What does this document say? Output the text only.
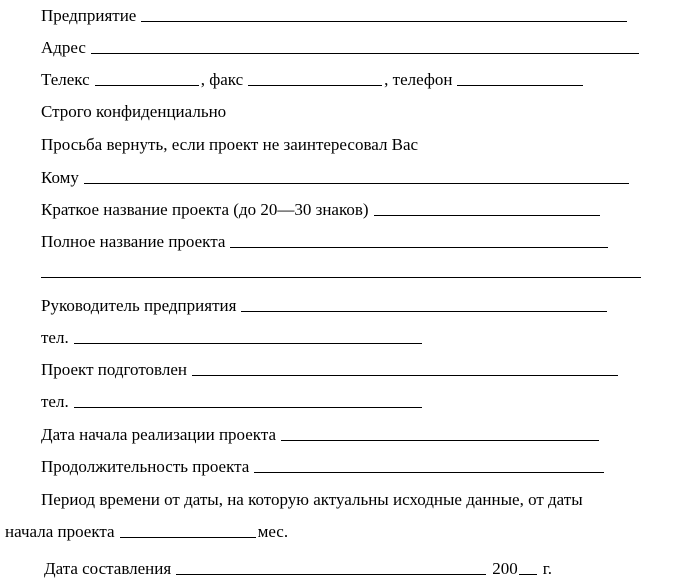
Предприятие
Адрес
Телекс	, факс	, телефон
Строго конфиденциально
Просьба вернуть, если проект не заинтересовал Вас
Кому
Краткое название проекта (до 20—30 знаков)
Полное название проекта
Руководитель предприятия
тел.
Проект подготовлен
тел.
Дата начала реализации проекта
Продолжительность проекта
Период времени от даты, на которую актуальны исходные данные, от даты
начала проекта	мес.
Дата составления	200 г.
